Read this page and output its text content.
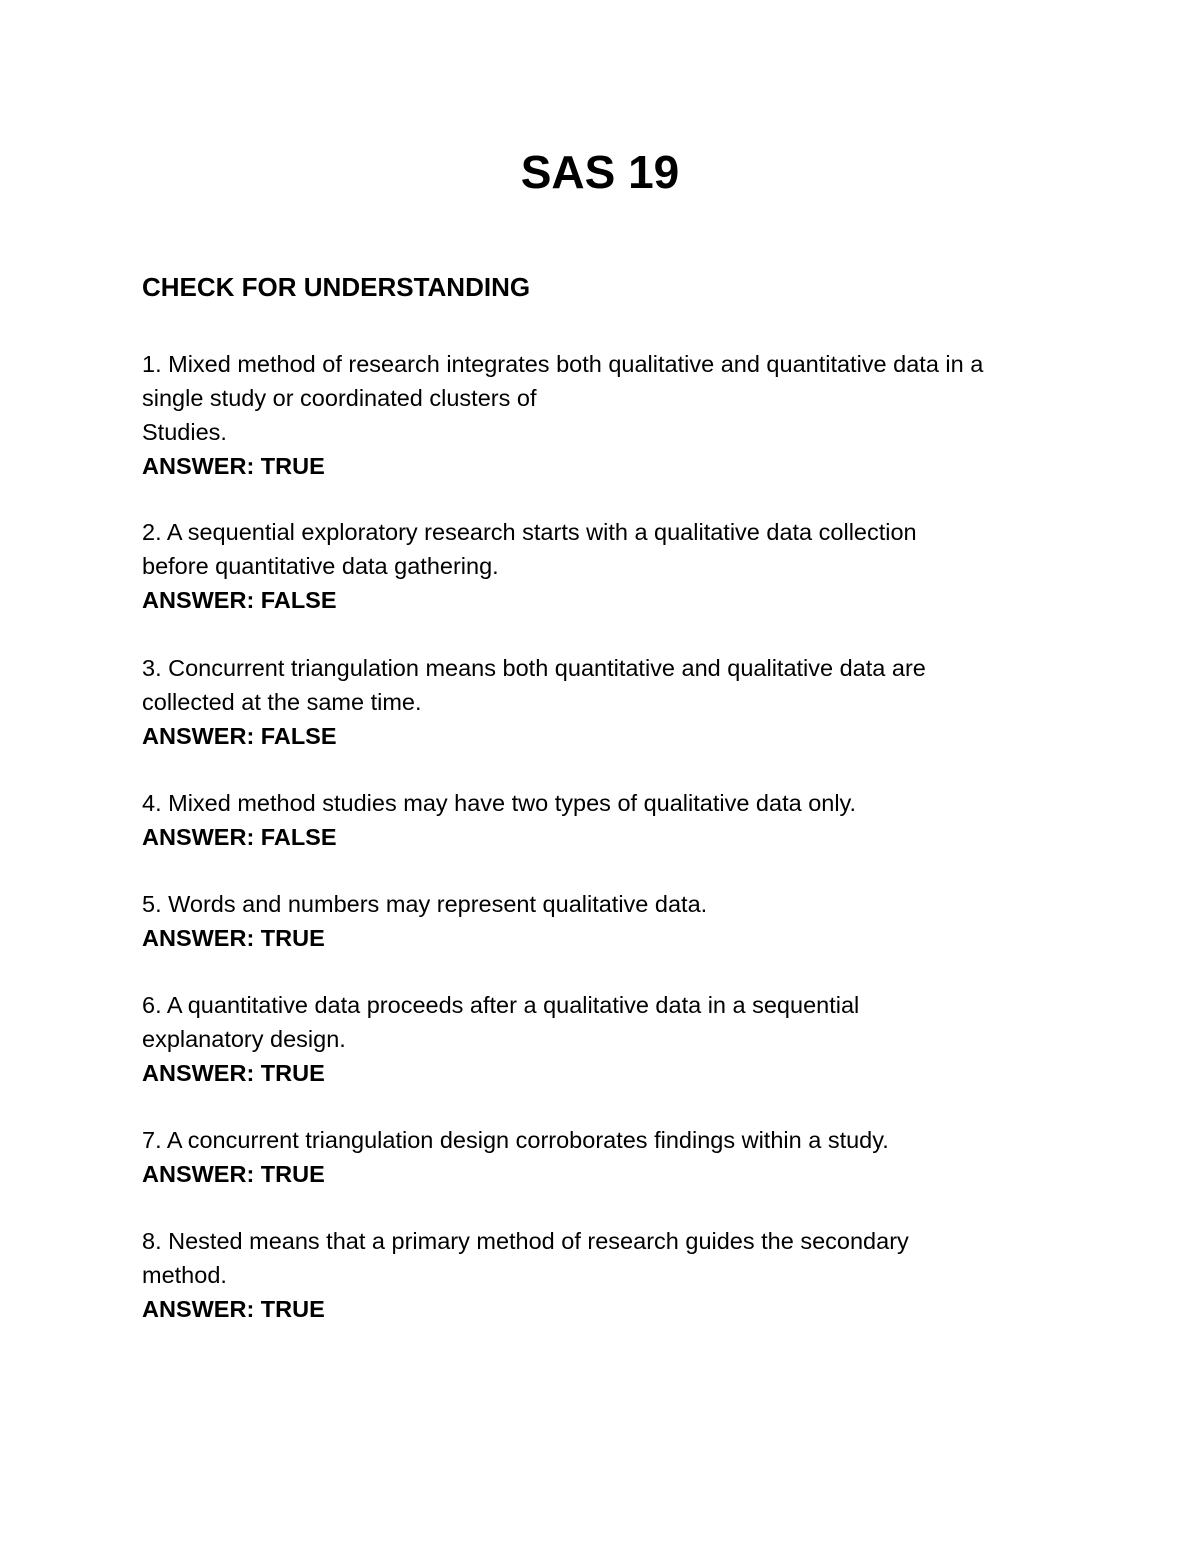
SAS 19
CHECK FOR UNDERSTANDING
1. Mixed method of research integrates both qualitative and quantitative data in a
single study or coordinated clusters of
Studies.
ANSWER: TRUE
2. A sequential exploratory research starts with a qualitative data collection
before quantitative data gathering.
ANSWER: FALSE
3. Concurrent triangulation means both quantitative and qualitative data are
collected at the same time.
ANSWER: FALSE
4. Mixed method studies may have two types of qualitative data only.
ANSWER: FALSE
5. Words and numbers may represent qualitative data.
ANSWER: TRUE
6. A quantitative data proceeds after a qualitative data in a sequential
explanatory design.
ANSWER: TRUE
7. A concurrent triangulation design corroborates findings within a study.
ANSWER: TRUE
8. Nested means that a primary method of research guides the secondary
method.
ANSWER: TRUE
